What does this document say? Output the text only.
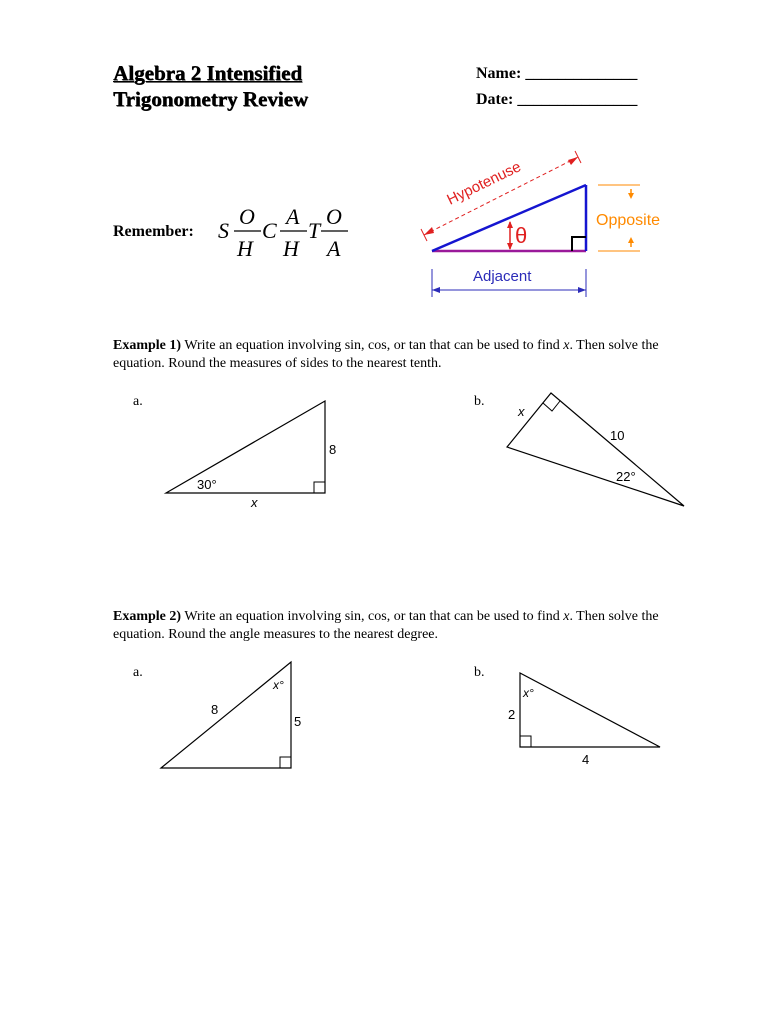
Algebra 2 Intensified
Trigonometry Review
Name: ______________
Date: _______________
Remember: S
O
H
C
A
H
T
O
A
Hypotenuse
θ
Opposite
Adjacent
Example 1) Write an equation involving sin, cos, or tan that can be used to find x. Then solve the equation. Round the measures of sides to the nearest tenth.
a.
8
30°
x
b.
x
10
22°
Example 2) Write an equation involving sin, cos, or tan that can be used to find x. Then solve the equation. Round the angle measures to the nearest degree.
a.
8
5
x°
b.
2
4
x°
